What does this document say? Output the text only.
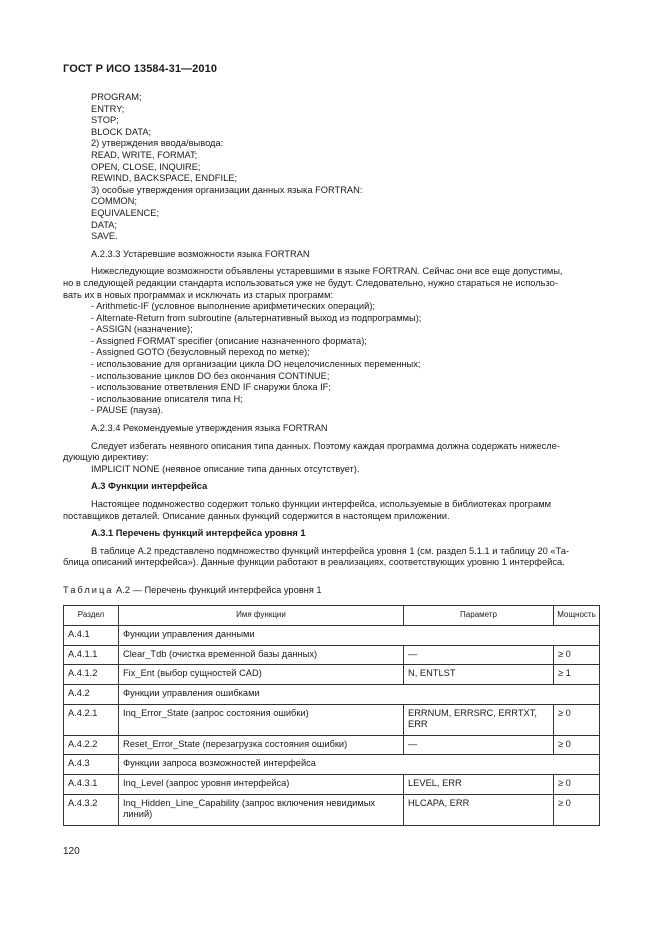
ГОСТ Р ИСО 13584-31—2010
PROGRAM;
ENTRY;
STOP;
BLOCK DATA;
2) утверждения ввода/вывода:
READ, WRITE, FORMAT;
OPEN, CLOSE, INQUIRE;
REWIND, BACKSPACE, ENDFILE;
3) особые утверждения организации данных языка FORTRAN:
COMMON;
EQUIVALENCE;
DATA;
SAVE.
А.2.3.3 Устаревшие возможности языка FORTRAN
Нижеследующие возможности объявлены устаревшими в языке FORTRAN. Сейчас они все еще допустимы,
но в следующей редакции стандарта использоваться уже не будут. Следовательно, нужно стараться не использо-
вать их в новых программах и исключать из старых программ:
- Arithmetic-IF (условное выполнение арифметических операций);
- Alternate-Return from subroutine (альтернативный выход из подпрограммы);
- ASSIGN (назначение);
- Assigned FORMAT specifier (описание назначенного формата);
- Assigned GOTO (безусловный переход по метке);
- использование для организации цикла DO нецелочисленных переменных;
- использование циклов DO без окончания CONTINUE;
- использование ответвления END IF снаружи блока IF;
- использование описателя типа Н;
- PAUSE (пауза).
А.2.3.4 Рекомендуемые утверждения языка FORTRAN
Следует избегать неявного описания типа данных. Поэтому каждая программа должна содержать нижесле-
дующую директиву:
IMPLICIT NONE (неявное описание типа данных отсутствует).
А.3 Функции интерфейса
Настоящее подмножество содержит только функции интерфейса, используемые в библиотеках программ
поставщиков деталей. Описание данных функций содержится в настоящем приложении.
А.3.1 Перечень функций интерфейса уровня 1
В таблице А.2 представлено подмножество функций интерфейса уровня 1 (см. раздел 5.1.1 и таблицу 20 «Та-
блица описаний интерфейса»). Данные функции работают в реализациях, соответствующих уровню 1 интерфейса.
Таблица А.2 — Перечень функций интерфейса уровня 1
Раздел	Имя функции	Параметр	Мощность
А.4.1	Функции управления данными		
А.4.1.1	Clear_Tdb (очистка временной базы данных)	—	≥ 0
А.4.1.2	Fix_Ent (выбор сущностей CAD)	N, ENTLST	≥ 1
А.4.2	Функции управления ошибками		
А.4.2.1	Inq_Error_State (запрос состояния ошибки)	ERRNUM, ERRSRC, ERRTXT, ERR	≥ 0
А.4.2.2	Reset_Error_State (перезагрузка состояния ошибки)	—	≥ 0
А.4.3	Функции запроса возможностей интерфейса		
А.4.3.1	Inq_Level (запрос уровня интерфейса)	LEVEL, ERR	≥ 0
А.4.3.2	Inq_Hidden_Line_Capability (запрос включения невидимых линий)	HLCAPA, ERR	≥ 0
120
